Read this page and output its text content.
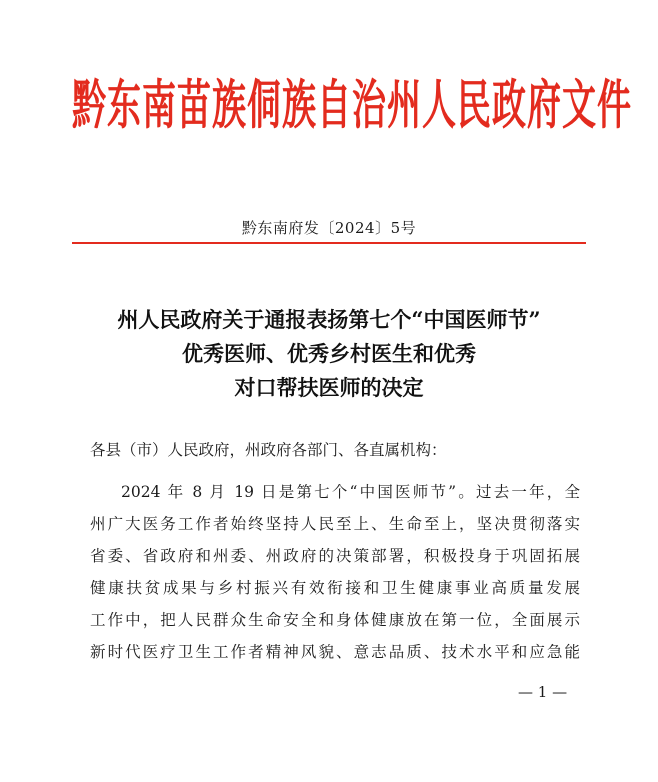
黔东南苗族侗族自治州人民政府文件
黔东南府发〔2024〕5号
州人民政府关于通报表扬第七个“中国医师节”
优秀医师、优秀乡村医生和优秀
对口帮扶医师的决定
各县（市）人民政府，州政府各部门、各直属机构：
2024 年 8 月 19 日是第七个“中国医师节”。过去一年，全
州广大医务工作者始终坚持人民至上、生命至上，坚决贯彻落实
省委、省政府和州委、州政府的决策部署，积极投身于巩固拓展
健康扶贫成果与乡村振兴有效衔接和卫生健康事业高质量发展
工作中，把人民群众生命安全和身体健康放在第一位，全面展示
新时代医疗卫生工作者精神风貌、意志品质、技术水平和应急能
— 1 —
